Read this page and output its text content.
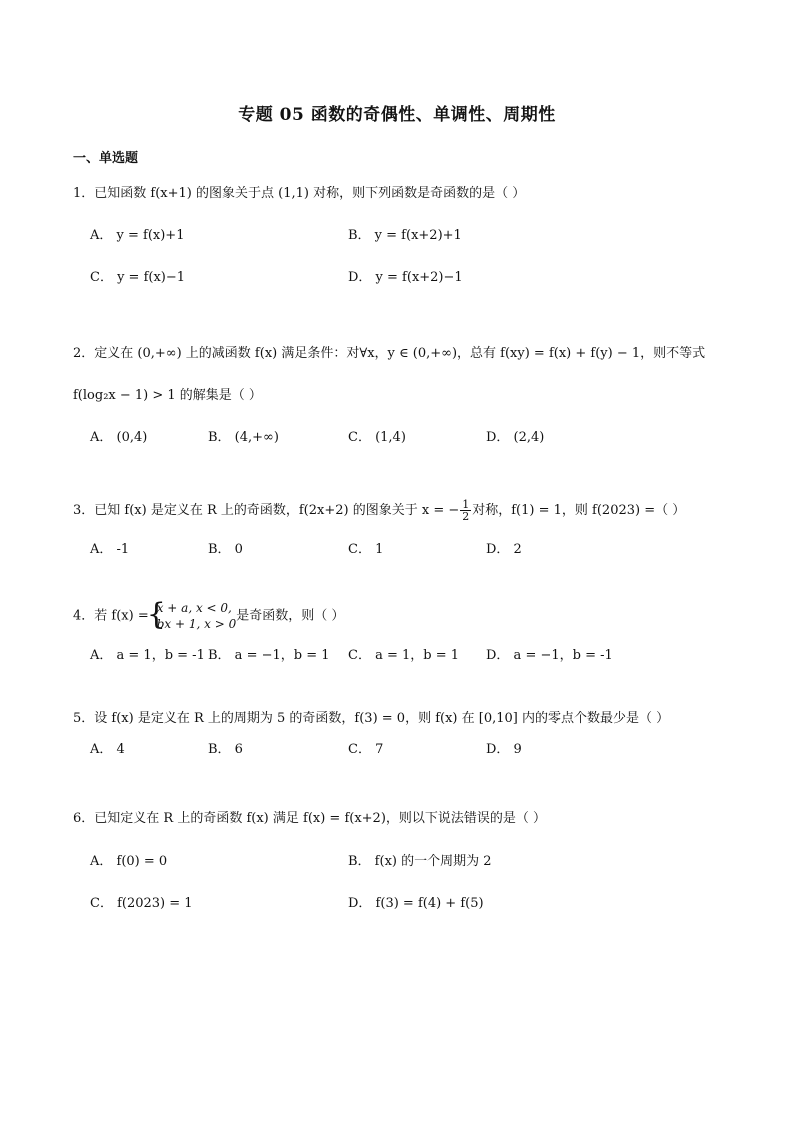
专题 05 函数的奇偶性、单调性、周期性
一、单选题
1．已知函数 f(x+1) 的图象关于点 (1,1) 对称，则下列函数是奇函数的是（ ）
A． y = f(x)+1	B． y = f(x+2)+1
C． y = f(x)−1	D． y = f(x+2)−1
2．定义在 (0,+∞) 上的减函数 f(x) 满足条件：对∀x，y ∈ (0,+∞)，总有 f(xy) = f(x) + f(y) − 1，则不等式
f(log₂x − 1) > 1 的解集是（ ）
A． (0,4)	B． (4,+∞)	C． (1,4)	D． (2,4)
3．已知 f(x) 是定义在 R 上的奇函数，f(2x+2) 的图象关于 x = − $\frac{1}{2}$ 对称，f(1) = 1，则 f(2023) =（ ）
A． -1	B． 0	C． 1	D． 2
4．若 f(x) =
{ x + a, x < 0,
bx + 1, x > 0
是奇函数，则（ ）
A． a = 1，b = -1 B． a = −1，b = 1 C． a = 1，b = 1 D． a = −1，b = -1
5．设 f(x) 是定义在 R 上的周期为 5 的奇函数，f(3) = 0，则 f(x) 在 [0,10] 内的零点个数最少是（ ）
A． 4	B． 6	C． 7	D． 9
6．已知定义在 R 上的奇函数 f(x) 满足 f(x) = f(x+2)，则以下说法错误的是（ ）
A． f(0) = 0	B． f(x) 的一个周期为 2
C． f(2023) = 1	D． f(3) = f(4) + f(5)
